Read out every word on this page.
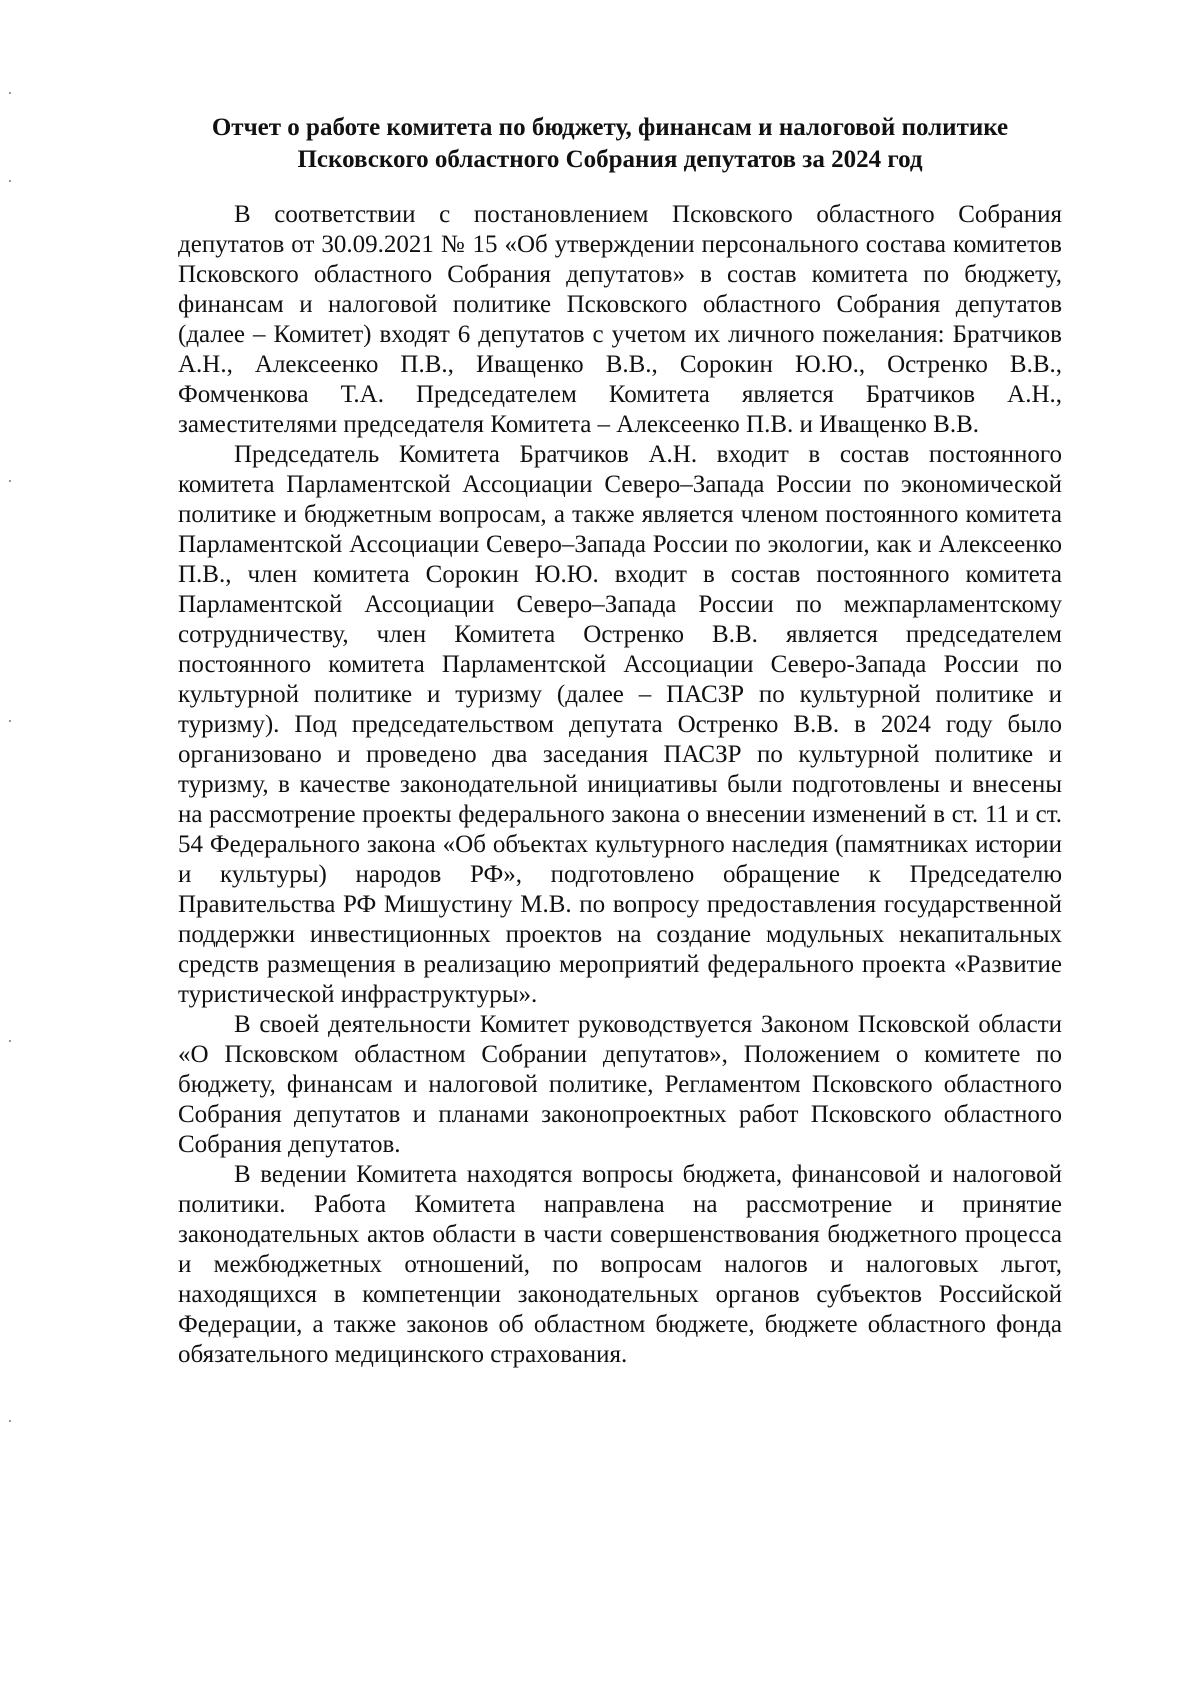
Отчет о работе комитета по бюджету, финансам и налоговой политике
Псковского областного Собрания депутатов за 2024 год

В соответствии с постановлением Псковского областного Собрания депутатов от 30.09.2021 № 15 «Об утверждении персонального состава комитетов Псковского областного Собрания депутатов» в состав комитета по бюджету, финансам и налоговой политике Псковского областного Собрания депутатов (далее – Комитет) входят 6 депутатов с учетом их личного пожелания: Братчиков А.Н., Алексеенко П.В., Иващенко В.В., Сорокин Ю.Ю., Остренко В.В., Фомченкова Т.А. Председателем Комитета является Братчиков А.Н., заместителями председателя Комитета – Алексеенко П.В. и Иващенко В.В.

Председатель Комитета Братчиков А.Н. входит в состав постоянного комитета Парламентской Ассоциации Северо–Запада России по экономической политике и бюджетным вопросам, а также является членом постоянного комитета Парламентской Ассоциации Северо–Запада России по экологии, как и Алексеенко П.В., член комитета Сорокин Ю.Ю. входит в состав постоянного комитета Парламентской Ассоциации Северо–Запада России по межпарламентскому сотрудничеству, член Комитета Остренко В.В. является председателем постоянного комитета Парламентской Ассоциации Северо-Запада России по культурной политике и туризму (далее – ПАСЗР по культурной политике и туризму). Под председательством депутата Остренко В.В. в 2024 году было организовано и проведено два заседания ПАСЗР по культурной политике и туризму, в качестве законодательной инициативы были подготовлены и внесены на рассмотрение проекты федерального закона о внесении изменений в ст. 11 и ст. 54 Федерального закона «Об объектах культурного наследия (памятниках истории и культуры) народов РФ», подготовлено обращение к Председателю Правительства РФ Мишустину М.В. по вопросу предоставления государственной поддержки инвестиционных проектов на создание модульных некапитальных средств размещения в реализацию мероприятий федерального проекта «Развитие туристической инфраструктуры».

В своей деятельности Комитет руководствуется Законом Псковской области «О Псковском областном Собрании депутатов», Положением о комитете по бюджету, финансам и налоговой политике, Регламентом Псковского областного Собрания депутатов и планами законопроектных работ Псковского областного Собрания депутатов.

В ведении Комитета находятся вопросы бюджета, финансовой и налоговой политики. Работа Комитета направлена на рассмотрение и принятие законодательных актов области в части совершенствования бюджетного процесса и межбюджетных отношений, по вопросам налогов и налоговых льгот, находящихся в компетенции законодательных органов субъектов Российской Федерации, а также законов об областном бюджете, бюджете областного фонда обязательного медицинского страхования.
